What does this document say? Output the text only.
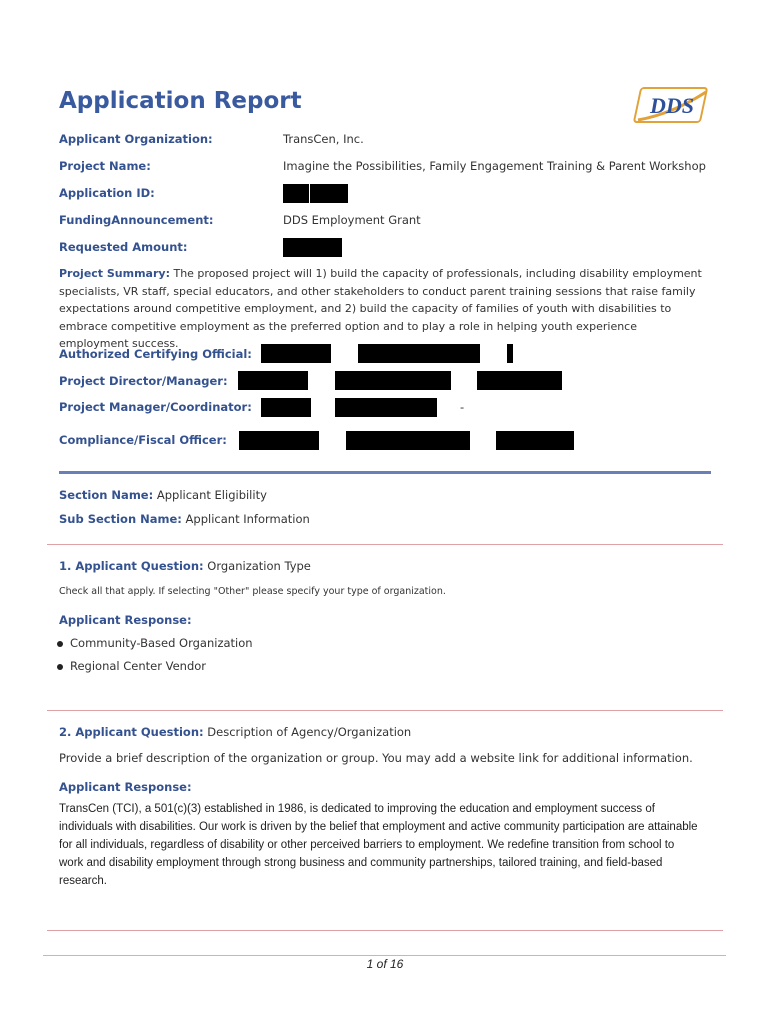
Application Report	DDS
Applicant Organization:	TransCen, Inc.
Project Name:	Imagine the Possibilities, Family Engagement Training & Parent Workshop
Application ID:
FundingAnnouncement:	DDS Employment Grant
Requested Amount:
Project Summary: The proposed project will 1) build the capacity of professionals, including disability employment specialists, VR staff, special educators, and other stakeholders to conduct parent training sessions that raise family expectations around competitive employment, and 2) build the capacity of families of youth with disabilities to embrace competitive employment as the preferred option and to play a role in helping youth experience employment success.
Authorized Certifying Official:
Project Director/Manager:
Project Manager/Coordinator:	-
Compliance/Fiscal Officer:
Section Name: Applicant Eligibility
Sub Section Name: Applicant Information
1. Applicant Question: Organization Type
Check all that apply. If selecting "Other" please specify your type of organization.
Applicant Response:
Community-Based Organization
Regional Center Vendor
2. Applicant Question: Description of Agency/Organization
Provide a brief description of the organization or group. You may add a website link for additional information.
Applicant Response:
TransCen (TCI), a 501(c)(3) established in 1986, is dedicated to improving the education and employment success of individuals with disabilities. Our work is driven by the belief that employment and active community participation are attainable for all individuals, regardless of disability or other perceived barriers to employment. We redefine transition from school to work and disability employment through strong business and community partnerships, tailored training, and field-based research.
1 of 16
